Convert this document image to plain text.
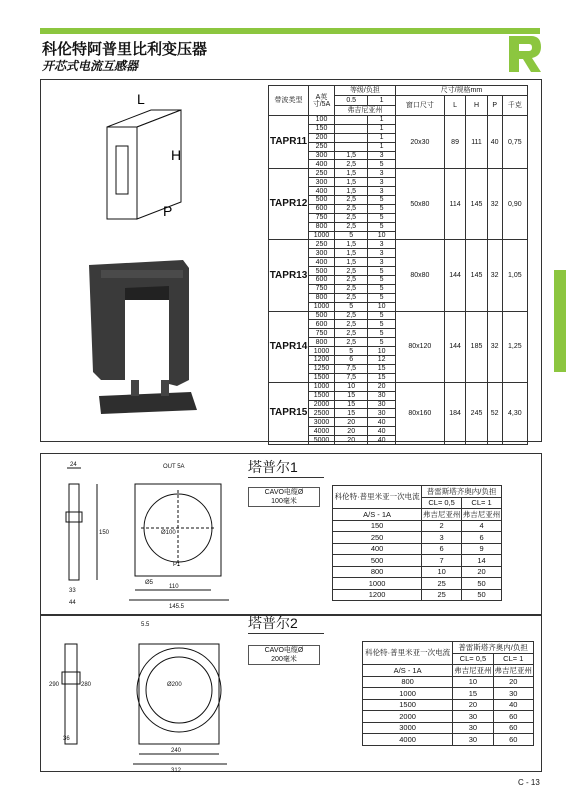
科伦特阿普里比利变压器
开芯式电流互感器
L
H
P
带波类型	A英寸/5A	等级/负担		尺寸/规格mm				
		0.5	1	窗口尺寸	L	H	P	千克
		弗吉尼亚州						
TAPR11	100		1	20x30	89	111	40	0,75
	150		1					
	200		1					
	250		1					
	300	1,5	3					
	400	2,5	5					
TAPR12	250	1,5	3	50x80	114	145	32	0,90
	300	1,5	3					
	400	1,5	3					
	500	2,5	5					
	600	2,5	5					
	750	2,5	5					
	800	2,5	5					
	1000	5	10					
TAPR13	250	1,5	3	80x80	144	145	32	1,05
	300	1,5	3					
	400	1,5	3					
	500	2,5	5					
	600	2,5	5					
	750	2,5	5					
	800	2,5	5					
	1000	5	10					
TAPR14	500	2,5	5	80x120	144	185	32	1,25
	600	2,5	5					
	750	2,5	5					
	800	2,5	5					
	1000	5	10					
	1200	6	12					
	1250	7,5	15					
	1500	7,5	15					
TAPR15	1000	10	20	80x160	184	245	52	4,30
	1500	15	30					
	2000	15	30					
	2500	15	30					
	3000	20	40					
	4000	20	40					
	5000	20	40					
24
150
33
44
OUT 5A
Ø100
P1
Ø5
110
145.5
塔普尔1
CAVO电缆Ø
100毫米
科伦特·普里米亚一次电流	普雷斯塔齐奥内/负担	
	CL= 0,5	CL= 1
A/S - 1A	弗吉尼亚州	弗吉尼亚州
150	2	4
250	3	6
400	6	9
500	7	14
800	10	20
1000	25	50
1200	25	50
290	280
36
5.5
Ø200
240
312
塔普尔2
CAVO电缆Ø
200毫米
科伦特·普里米亚一次电流	普雷斯塔齐奥内/负担	
	CL= 0,5	CL= 1
A/S - 1A	弗吉尼亚州	弗吉尼亚州
800	10	20
1000	15	30
1500	20	40
2000	30	60
3000	30	60
4000	30	60
C - 13
